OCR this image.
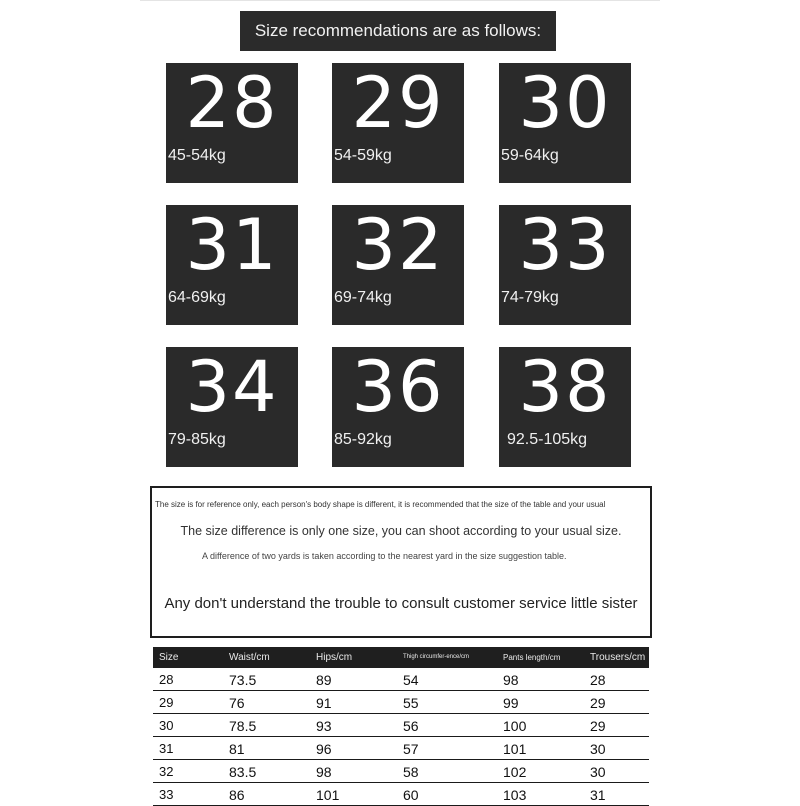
Size recommendations are as follows:
28
45-54kg
29
54-59kg
30
59-64kg
31
64-69kg
32
69-74kg
33
74-79kg
34
79-85kg
36
85-92kg
38
92.5-105kg
The size is for reference only, each person's body shape is different, it is recommended that the size of the table and your usual
The size difference is only one size, you can shoot according to your usual size.
A difference of two yards is taken according to the nearest yard in the size suggestion table.
Any don't understand the trouble to consult customer service little sister
Size	Waist/cm	Hips/cm	Thigh circumfer-ence/cm	Pants length/cm	Trousers/cm
28	73.5	89	54	98	28
29	76	91	55	99	29
30	78.5	93	56	100	29
31	81	96	57	101	30
32	83.5	98	58	102	30
33	86	101	60	103	31
